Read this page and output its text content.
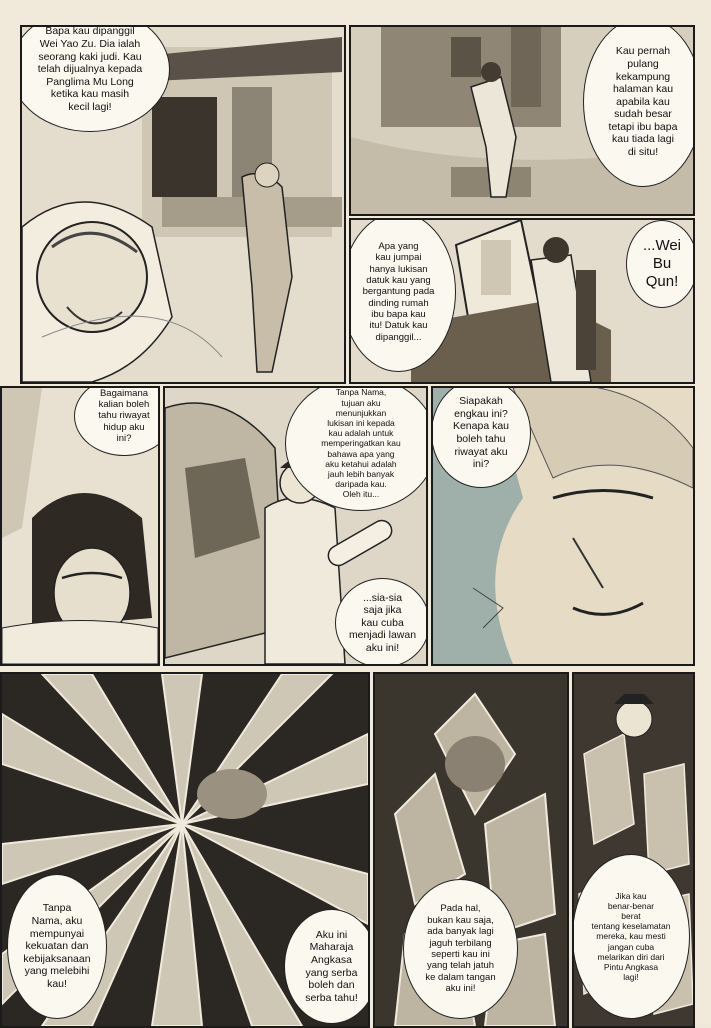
Bapa kau dipanggil
Wei Yao Zu. Dia ialah
seorang kaki judi. Kau
telah dijualnya kepada
Panglima Mu Long
ketika kau masih
kecil lagi!
Kau pernah
pulang
kekampung
halaman kau
apabila kau
sudah besar
tetapi ibu bapa
kau tiada lagi
di situ!
Apa yang
kau jumpai
hanya lukisan
datuk kau yang
bergantung pada
dinding rumah
ibu bapa kau
itu! Datuk kau
dipanggil...
...Wei
Bu
Qun!
Bagaimana
kalian boleh
tahu riwayat
hidup aku
ini?
Tanpa Nama,
tujuan aku
menunjukkan
lukisan ini kepada
kau adalah untuk
memperingatkan kau
bahawa apa yang
aku ketahui adalah
jauh lebih banyak
daripada kau.
Oleh itu...
...sia-sia
saja jika
kau cuba
menjadi lawan
aku ini!
Siapakah
engkau ini?
Kenapa kau
boleh tahu
riwayat aku
ini?
Tanpa
Nama, aku
mempunyai
kekuatan dan
kebijaksanaan
yang melebihi
kau!
Aku ini
Maharaja
Angkasa
yang serba
boleh dan
serba tahu!
Pada hal,
bukan kau saja,
ada banyak lagi
jaguh terbilang
seperti kau ini
yang telah jatuh
ke dalam tangan
aku ini!
Jika kau
benar-benar
berat
tentang keselamatan
mereka, kau mesti
jangan cuba
melarikan diri dari
Pintu Angkasa
lagi!
